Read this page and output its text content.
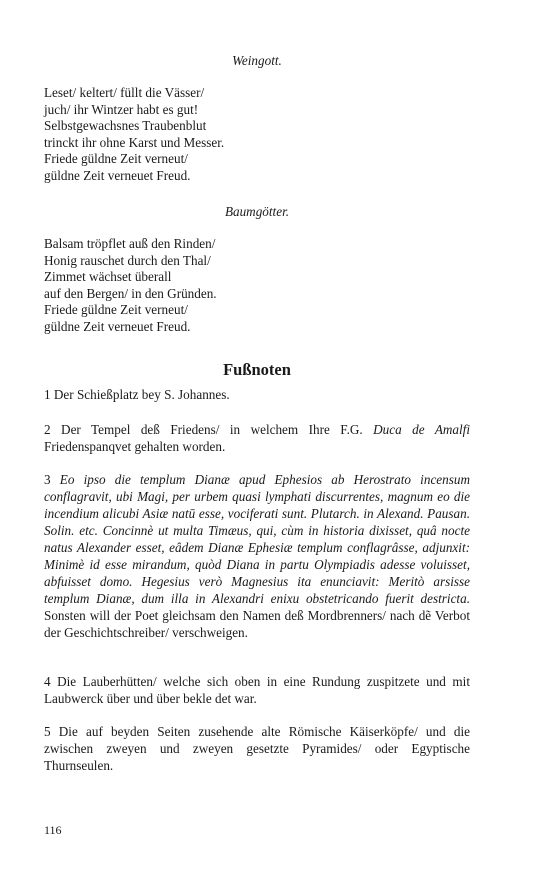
Weingott.

Leset/ keltert/ füllt die Vässer/
juch/ ihr Wintzer habt es gut!
Selbstgewachsnes Traubenblut
trinckt ihr ohne Karst und Messer.
Friede güldne Zeit verneut/
güldne Zeit verneuet Freud.

Baumgötter.

Balsam tröpflet auß den Rinden/
Honig rauschet durch den Thal/
Zimmet wächset überall
auf den Bergen/ in den Gründen.
Friede güldne Zeit verneut/
güldne Zeit verneuet Freud.
Fußnoten

1 Der Schießplatz bey S. Johannes.

2 Der Tempel deß Friedens/ in welchem Ihre F.G. Duca de Amalfi Friedenspanqvet gehalten worden.

3 Eo ipso die templum Dianæ apud Ephesios ab Herostrato incensum conflagravit, ubi Magi, per urbem quasi lymphati discurrentes, magnum eo die incendium alicubi Asiæ natū esse, vociferati sunt. Plutarch. in Alexand. Pausan. Solin. etc. Concinnè ut multa Timæus, qui, cùm in historia dixisset, quâ nocte natus Alexander esset, eâdem Dianæ Ephesiæ templum conflagrâsse, adjunxit: Minimè id esse mirandum, quòd Diana in partu Olympiadis adesse voluisset, abfuisset domo. Hegesius verò Magnesius ita enunciavit: Meritò arsisse templum Dianæ, dum illa in Alexandri enixu obstetricando fuerit destricta. Sonsten will der Poet gleichsam den Namen deß Mordbrenners/ nach dẽ Verbot der Geschichtschreiber/ verschweigen.

4 Die Lauberhütten/ welche sich oben in eine Rundung zuspitzete und mit Laubwerck über und über bekle det war.

5 Die auf beyden Seiten zusehende alte Römische Käiserköpfe/ und die zwischen zweyen und zweyen gesetzte Pyramides/ oder Egyptische Thurnseulen.

116
